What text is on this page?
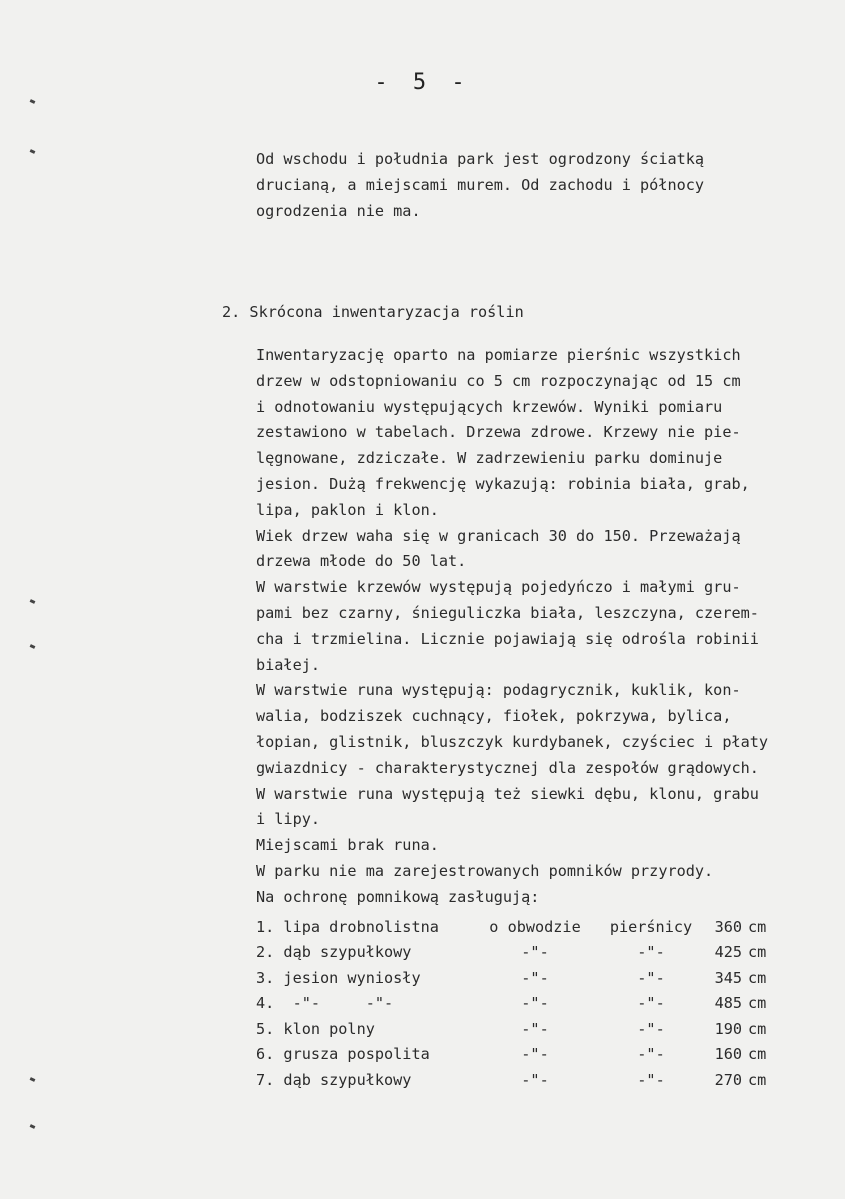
- 5 -
Od wschodu i południa park jest ogrodzony ściatką
drucianą, a miejscami murem. Od zachodu i północy
ogrodzenia nie ma.
2. Skrócona inwentaryzacja roślin
Inwentaryzację oparto na pomiarze pierśnic wszystkich
drzew w odstopniowaniu co 5 cm rozpoczynając od 15 cm
i odnotowaniu występujących krzewów. Wyniki pomiaru
zestawiono w tabelach. Drzewa zdrowe. Krzewy nie pie-
lęgnowane, zdziczałe. W zadrzewieniu parku dominuje
jesion. Dużą frekwencję wykazują: robinia biała, grab,
lipa, paklon i klon.
Wiek drzew waha się w granicach 30 do 150. Przeważają
drzewa młode do 50 lat.
W warstwie krzewów występują pojedyńczo i małymi gru-
pami bez czarny, śnieguliczka biała, leszczyna, czerem-
cha i trzmielina. Licznie pojawiają się odrośla robinii
białej.
W warstwie runa występują: podagrycznik, kuklik, kon-
walia, bodziszek cuchnący, fiołek, pokrzywa, bylica,
łopian, glistnik, bluszczyk kurdybanek, czyściec i płaty
gwiazdnicy - charakterystycznej dla zespołów grądowych.
W warstwie runa występują też siewki dębu, klonu, grabu
i lipy.
Miejscami brak runa.
W parku nie ma zarejestrowanych pomników przyrody.
Na ochronę pomnikową zasługują:
1. lipa drobnolistna	o obwodzie	pierśnicy	360	cm
2. dąb szypułkowy	-"-	-"-	425	cm
3. jesion wyniosły	-"-	-"-	345	cm
4.  -"-     -"-	-"-	-"-	485	cm
5. klon polny	-"-	-"-	190	cm
6. grusza pospolita	-"-	-"-	160	cm
7. dąb szypułkowy	-"-	-"-	270	cm
